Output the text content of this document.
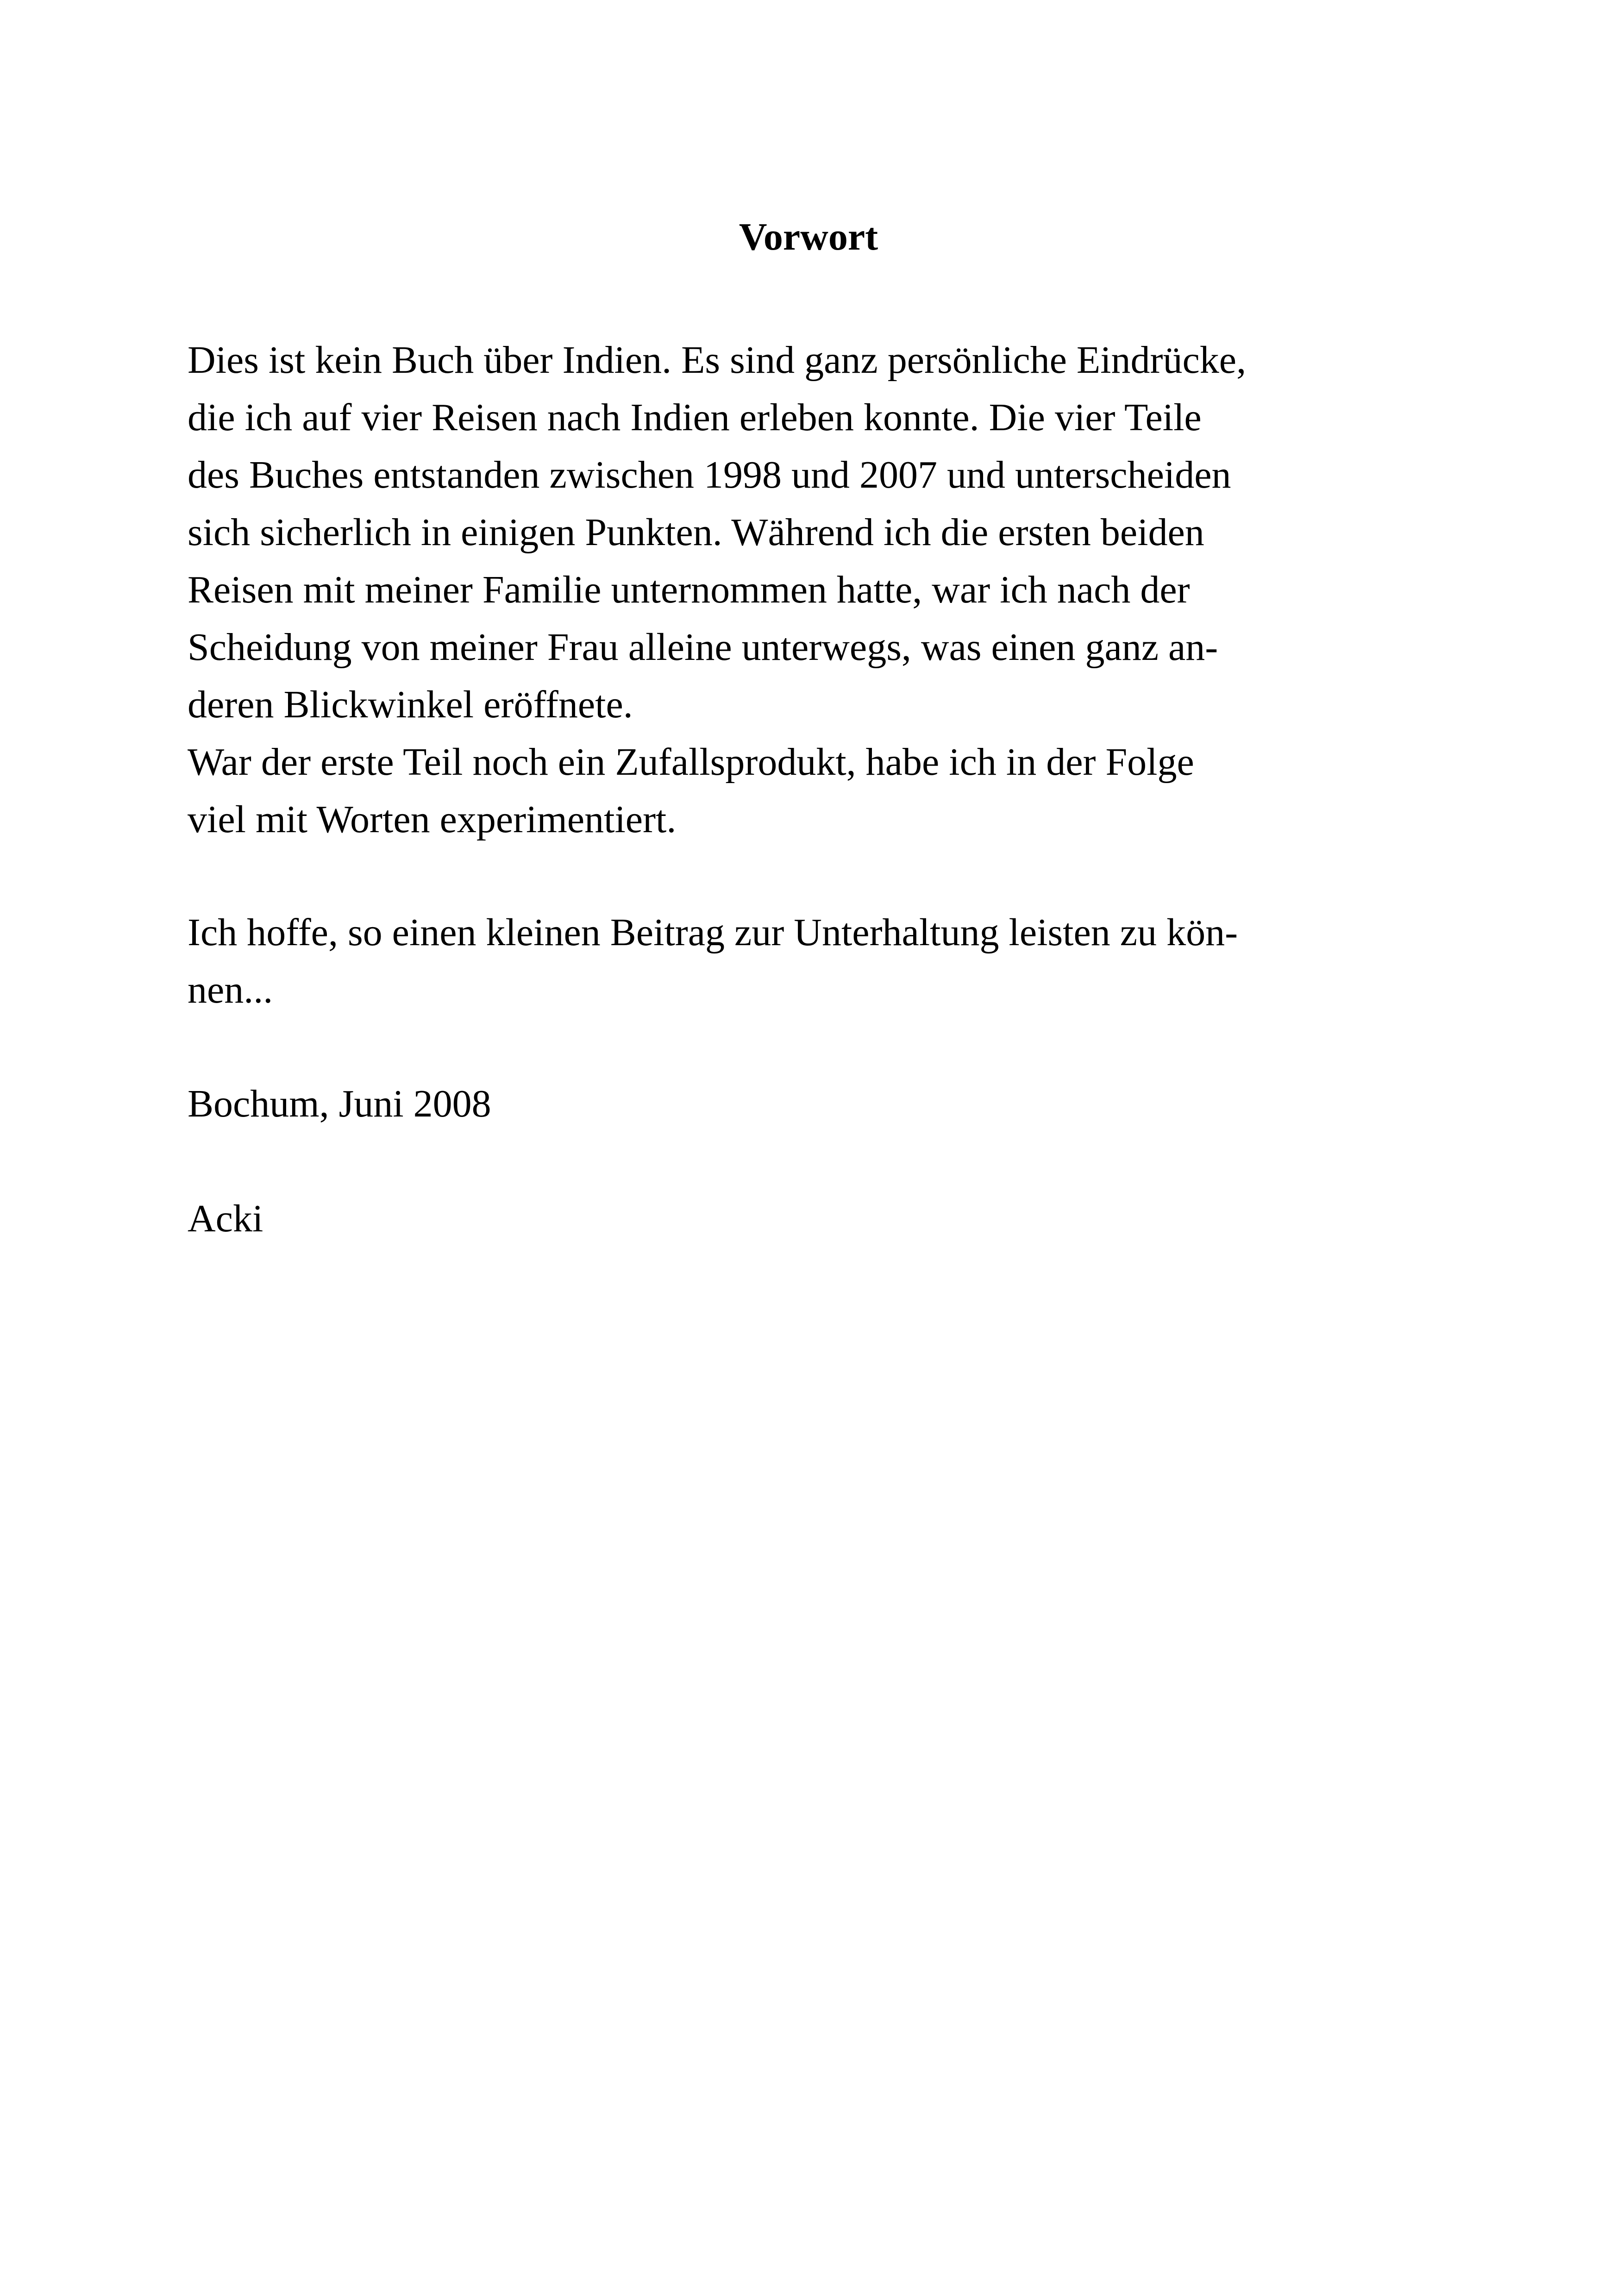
Vorwort
Dies ist kein Buch über Indien. Es sind ganz persönliche Eindrücke,
die ich auf vier Reisen nach Indien erleben konnte. Die vier Teile
des Buches entstanden zwischen 1998 und 2007 und unterscheiden
sich sicherlich in einigen Punkten. Während ich die ersten beiden
Reisen mit meiner Familie unternommen hatte, war ich nach der
Scheidung von meiner Frau alleine unterwegs, was einen ganz an-
deren Blickwinkel eröffnete.
War der erste Teil noch ein Zufallsprodukt, habe ich in der Folge
viel mit Worten experimentiert.
Ich hoffe, so einen kleinen Beitrag zur Unterhaltung leisten zu kön-
nen...
Bochum, Juni 2008
Acki
